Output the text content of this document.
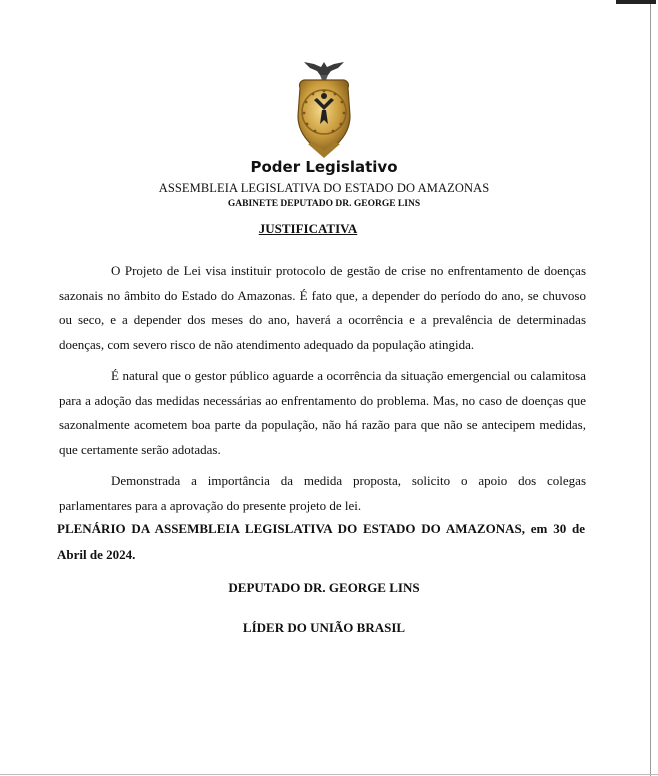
Poder Legislativo
ASSEMBLEIA LEGISLATIVA DO ESTADO DO AMAZONAS
GABINETE DEPUTADO DR. GEORGE LINS
JUSTIFICATIVA

O Projeto de Lei visa instituir protocolo de gestão de crise no enfrentamento de doenças sazonais no âmbito do Estado do Amazonas. É fato que, a depender do período do ano, se chuvoso ou seco, e a depender dos meses do ano, haverá a ocorrência e a prevalência de determinadas doenças, com severo risco de não atendimento adequado da população atingida.

É natural que o gestor público aguarde a ocorrência da situação emergencial ou calamitosa para a adoção das medidas necessárias ao enfrentamento do problema. Mas, no caso de doenças que sazonalmente acometem boa parte da população, não há razão para que não se antecipem medidas, que certamente serão adotadas.

Demonstrada a importância da medida proposta, solicito o apoio dos colegas parlamentares para a aprovação do presente projeto de lei.

PLENÁRIO DA ASSEMBLEIA LEGISLATIVA DO ESTADO DO AMAZONAS, em 30 de Abril de 2024.
DEPUTADO DR. GEORGE LINS
LÍDER DO UNIÃO BRASIL
